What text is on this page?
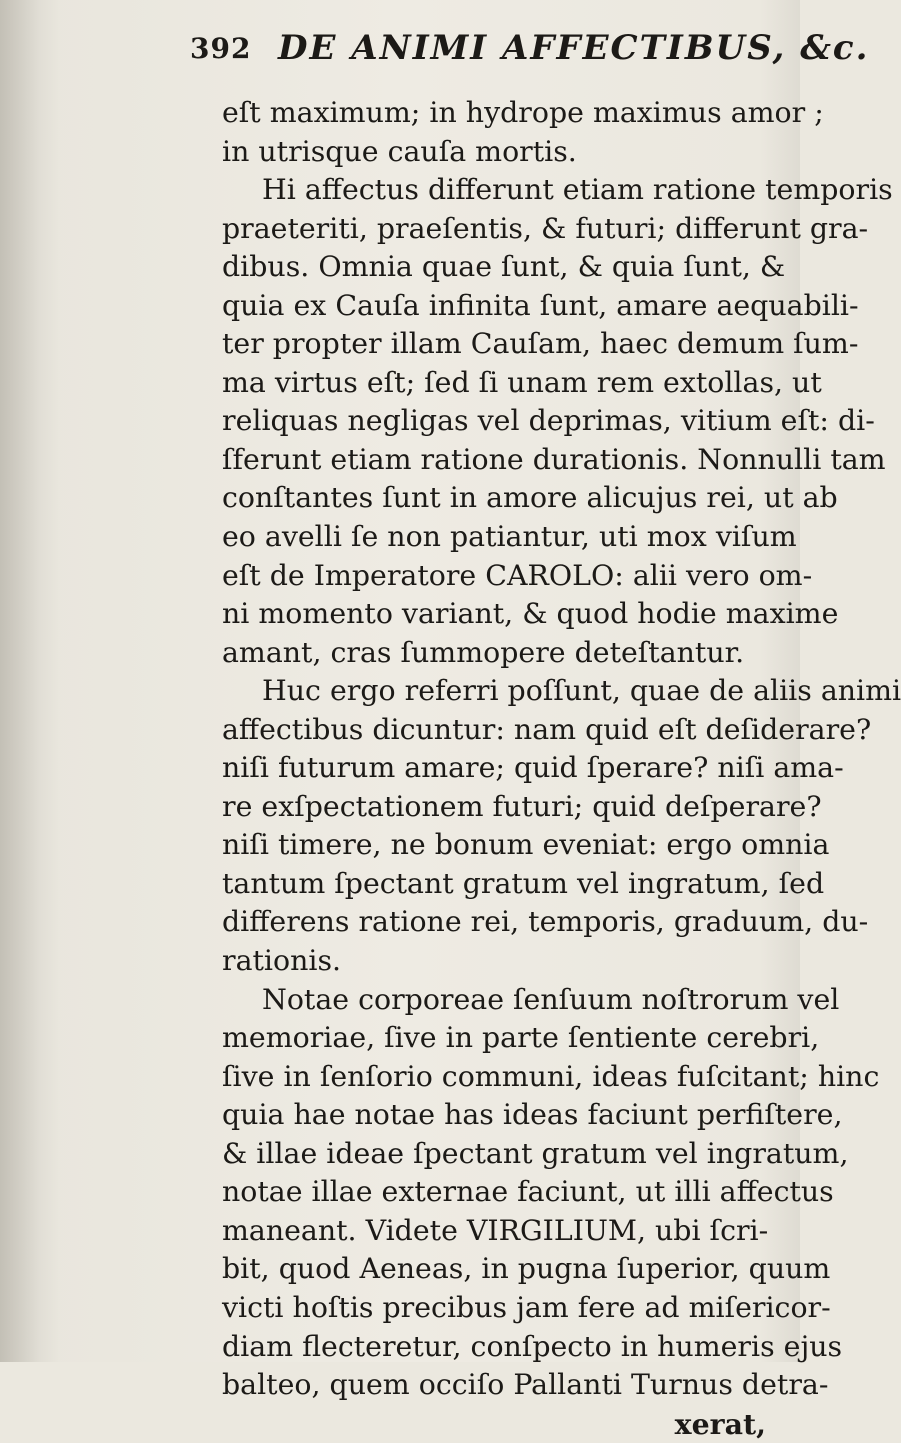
392 DE ANIMI AFFECTIBUS, &c.
eſt maximum; in hydrope maximus amor ;
in utrisque cauſa mortis.
Hi affectus differunt etiam ratione temporis
praeteriti, praeſentis, & futuri; differunt gra-
dibus. Omnia quae ſunt, & quia ſunt, &
quia ex Cauſa infinita ſunt, amare aequabili-
ter propter illam Cauſam, haec demum ſum-
ma virtus eſt; ſed ſi unam rem extollas, ut
reliquas negligas vel deprimas, vitium eſt: di-
ſferunt etiam ratione durationis. Nonnulli tam
conſtantes ſunt in amore alicujus rei, ut ab
eo avelli ſe non patiantur, uti mox viſum
eſt de Imperatore CAROLO: alii vero om-
ni momento variant, & quod hodie maxime
amant, cras ſummopere deteſtantur.
Huc ergo referri poſſunt, quae de aliis animi
affectibus dicuntur: nam quid eſt deſiderare?
niſi futurum amare; quid ſperare? niſi ama-
re exſpectationem futuri; quid deſperare?
niſi timere, ne bonum eveniat: ergo omnia
tantum ſpectant gratum vel ingratum, ſed
differens ratione rei, temporis, graduum, du-
rationis.
Notae corporeae ſenſuum noſtrorum vel
memoriae, ſive in parte ſentiente cerebri,
ſive in ſenſorio communi, ideas fuſcitant; hinc
quia hae notae has ideas faciunt perfiſtere,
& illae ideae ſpectant gratum vel ingratum,
notae illae externae faciunt, ut illi affectus
maneant. Videte VIRGILIUM, ubi ſcri-
bit, quod Aeneas, in pugna ſuperior, quum
victi hoſtis precibus jam fere ad miſericor-
diam flecteretur, conſpecto in humeris ejus
balteo, quem occiſo Pallanti Turnus detra-
xerat,
